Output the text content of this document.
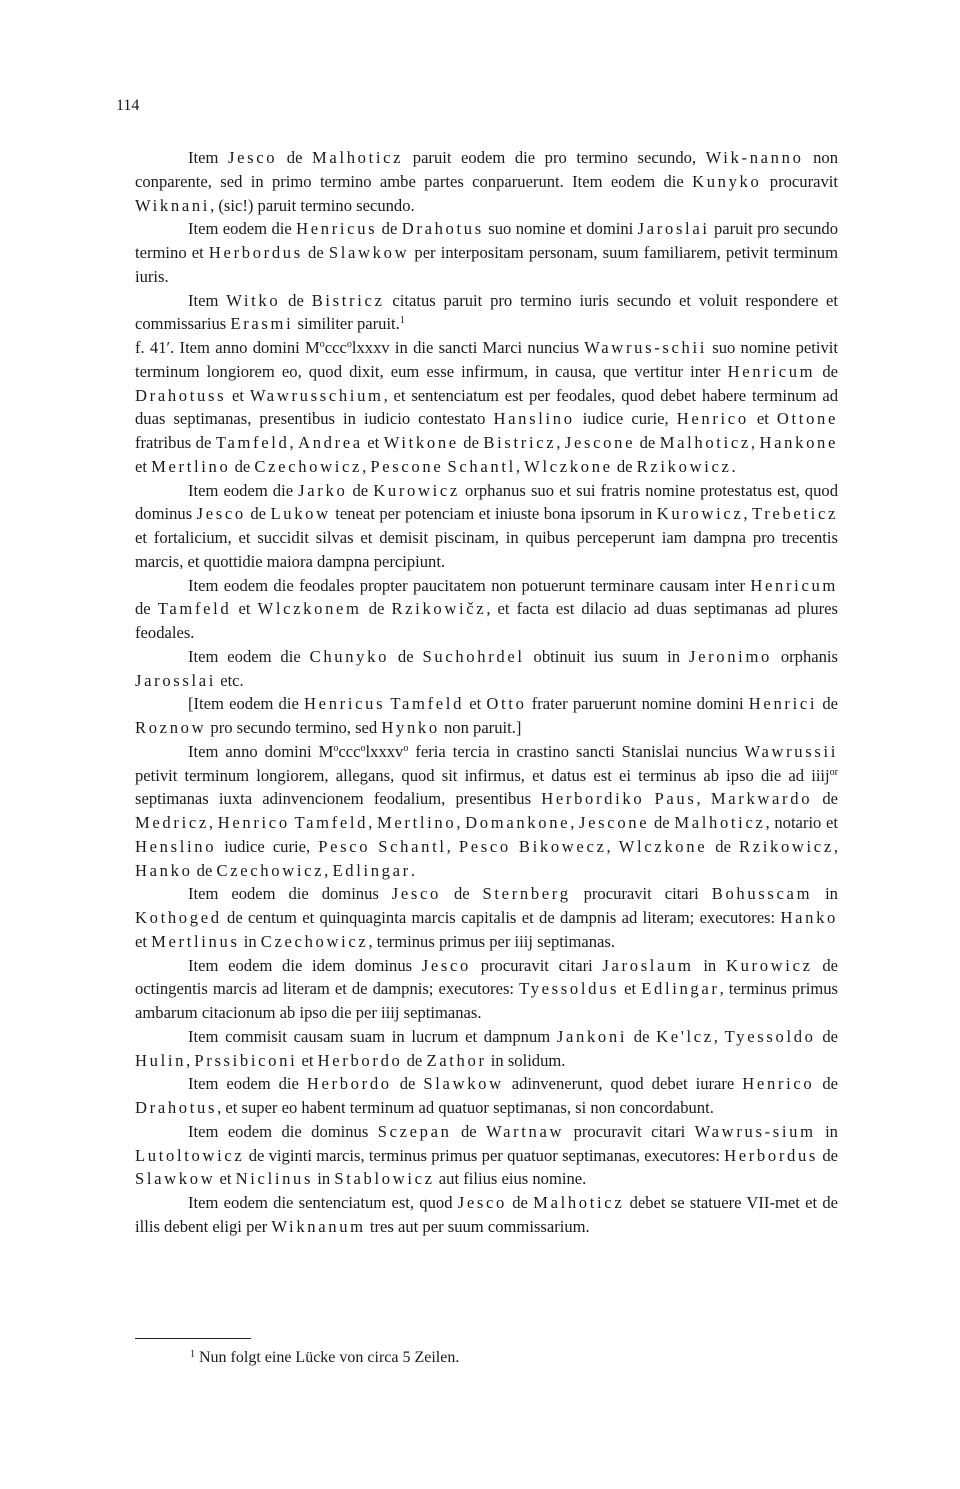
114

Item Jesco de Malhoticz paruit eodem die pro termino secundo, Wik-nanno non conparente, sed in primo termino ambe partes conparuerunt. Item eodem die Kunyko procuravit Wiknani, (sic!) paruit termino secundo.

Item eodem die Henricus de Drahotus suo nomine et domini Jaroslai paruit pro secundo termino et Herbordus de Slawkow per interpositam personam, suum familiarem, petivit terminum iuris.

Item Witko de Bistricz citatus paruit pro termino iuris secundo et voluit respondere et commissarius Erasmi similiter paruit.$^1$

f. 41′. Item anno domini $M^occc^olxxxv$ in die sancti Marci nuncius Wawrus-schii suo nomine petivit terminum longiorem eo, quod dixit, eum esse infirmum, in causa, que vertitur inter Henricum de Drahotuss et Wawrusschium, et sentenciatum est per feodales, quod debet habere terminum ad duas septimanas, presentibus in iudicio contestato Hanslino iudice curie, Henrico et Ottone fratribus de Tamfeld, Andrea et Witkone de Bistricz, Jescone de Malhoticz, Hankone et Mertlino de Czechowicz, Pescone Schantl, Wlczkone de Rzikowicz.

Item eodem die Jarko de Kurowicz orphanus suo et sui fratris nomine protestatus est, quod dominus Jesco de Lukow teneat per potenciam et iniuste bona ipsorum in Kurowicz, Trebeticz et fortalicium, et succidit silvas et demisit piscinam, in quibus perceperunt iam dampna pro trecentis marcis, et quottidie maiora dampna percipiunt.

Item eodem die feodales propter paucitatem non potuerunt terminare causam inter Henricum de Tamfeld et Wlczkonem de Rzikowičz, et facta est dilacio ad duas septimanas ad plures feodales.

Item eodem die Chunyko de Suchohrdel obtinuit ius suum in Jeronimo orphanis Jarosslai etc.

[Item eodem die Henricus Tamfeld et Otto frater paruerunt nomine domini Henrici de Roznow pro secundo termino, sed Hynko non paruit.]

Item anno domini $M^occc^olxxxv^o$ feria tercia in crastino sancti Stanislai nuncius Wawrussii petivit terminum longiorem, allegans, quod sit infirmus, et datus est ei terminus ab ipso die ad iiij$^{or}$ septimanas iuxta adinvencionem feodalium, presentibus Herbordiko Paus, Markwardo de Medricz, Henrico Tamfeld, Mertlino, Domankone, Jescone de Malhoticz, notario et Henslino iudice curie, Pesco Schantl, Pesco Bikowecz, Wlczkone de Rzikowicz, Hanko de Czechowicz, Edlingar.

Item eodem die dominus Jesco de Sternberg procuravit citari Bohusscam in Kothoged de centum et quinquaginta marcis capitalis et de dampnis ad literam; executores: Hanko et Mertlinus in Czechowicz, terminus primus per iiij septimanas.

Item eodem die idem dominus Jesco procuravit citari Jaroslaum in Kurowicz de octingentis marcis ad literam et de dampnis; executores: Tyessoldus et Edlingar, terminus primus ambarum citacionum ab ipso die per iiij septimanas.

Item commisit causam suam in lucrum et dampnum Jankoni de Ke'lcz, Tyessoldo de Hulin, Prssibiconi et Herbordo de Zathor in solidum.

Item eodem die Herbordo de Slawkow adinvenerunt, quod debet iurare Henrico de Drahotus, et super eo habent terminum ad quatuor septimanas, si non concordabunt.

Item eodem die dominus Sczepan de Wartnaw procuravit citari Wawrus-sium in Lutoltowicz de viginti marcis, terminus primus per quatuor septimanas, executores: Herbordus de Slawkow et Niclinus in Stablowicz aut filius eius nomine.

Item eodem die sentenciatum est, quod Jesco de Malhoticz debet se statuere VII-met et de illis debent eligi per Wiknanum tres aut per suum commissarium.

$^1$ Nun folgt eine Lücke von circa 5 Zeilen.
